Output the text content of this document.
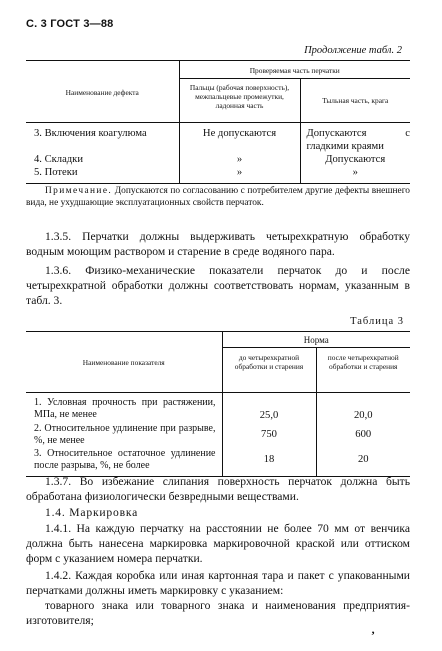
С. 3 ГОСТ 3—88
Продолжение табл. 2
Наименование дефекта	Проверяемая часть перчатки	

	Пальцы (рабочая поверхность), межпальцевые промежутки, ладонная часть	Тыльная часть, крага

3. Включения коагулюма	Не допускаются	Допускаются с гладкими краями
4. Складки	»	Допускаются
5. Потеки	»	»
Примечание. Допускаются по согласованию с потребителем другие дефекты внешнего вида, не ухудшающие эксплуатационных свойств перчаток.
1.3.5. Перчатки должны выдерживать четырехкратную обработку водным моющим раствором и старение в среде водяного пара.
1.3.6. Физико-механические показатели перчаток до и после четырехкратной обработки должны соответствовать нормам, указанным в табл. 3.
Таблица 3
Наименование показателя	Норма	

	до четырехкратной обработки и старения	после четырехкратной обработки и старения

1. Условная прочность при растяжении, МПа, не менее	25,0	20,0
2. Относительное удлинение при разрыве, %, не менее	750	600
3. Относительное остаточное удлинение после разрыва, %, не более	18	20
1.3.7. Во избежание слипания поверхность перчаток должна быть обработана физиологически безвредными веществами.
1.4. Маркировка
1.4.1. На каждую перчатку на расстоянии не более 70 мм от венчика должна быть нанесена маркировка маркировочной краской или оттиском форм с указанием номера перчатки.
1.4.2. Каждая коробка или иная картонная тара и пакет с упакованными перчатками должны иметь маркировку с указанием:
товарного знака или товарного знака и наименования предприятия-изготовителя;
’
